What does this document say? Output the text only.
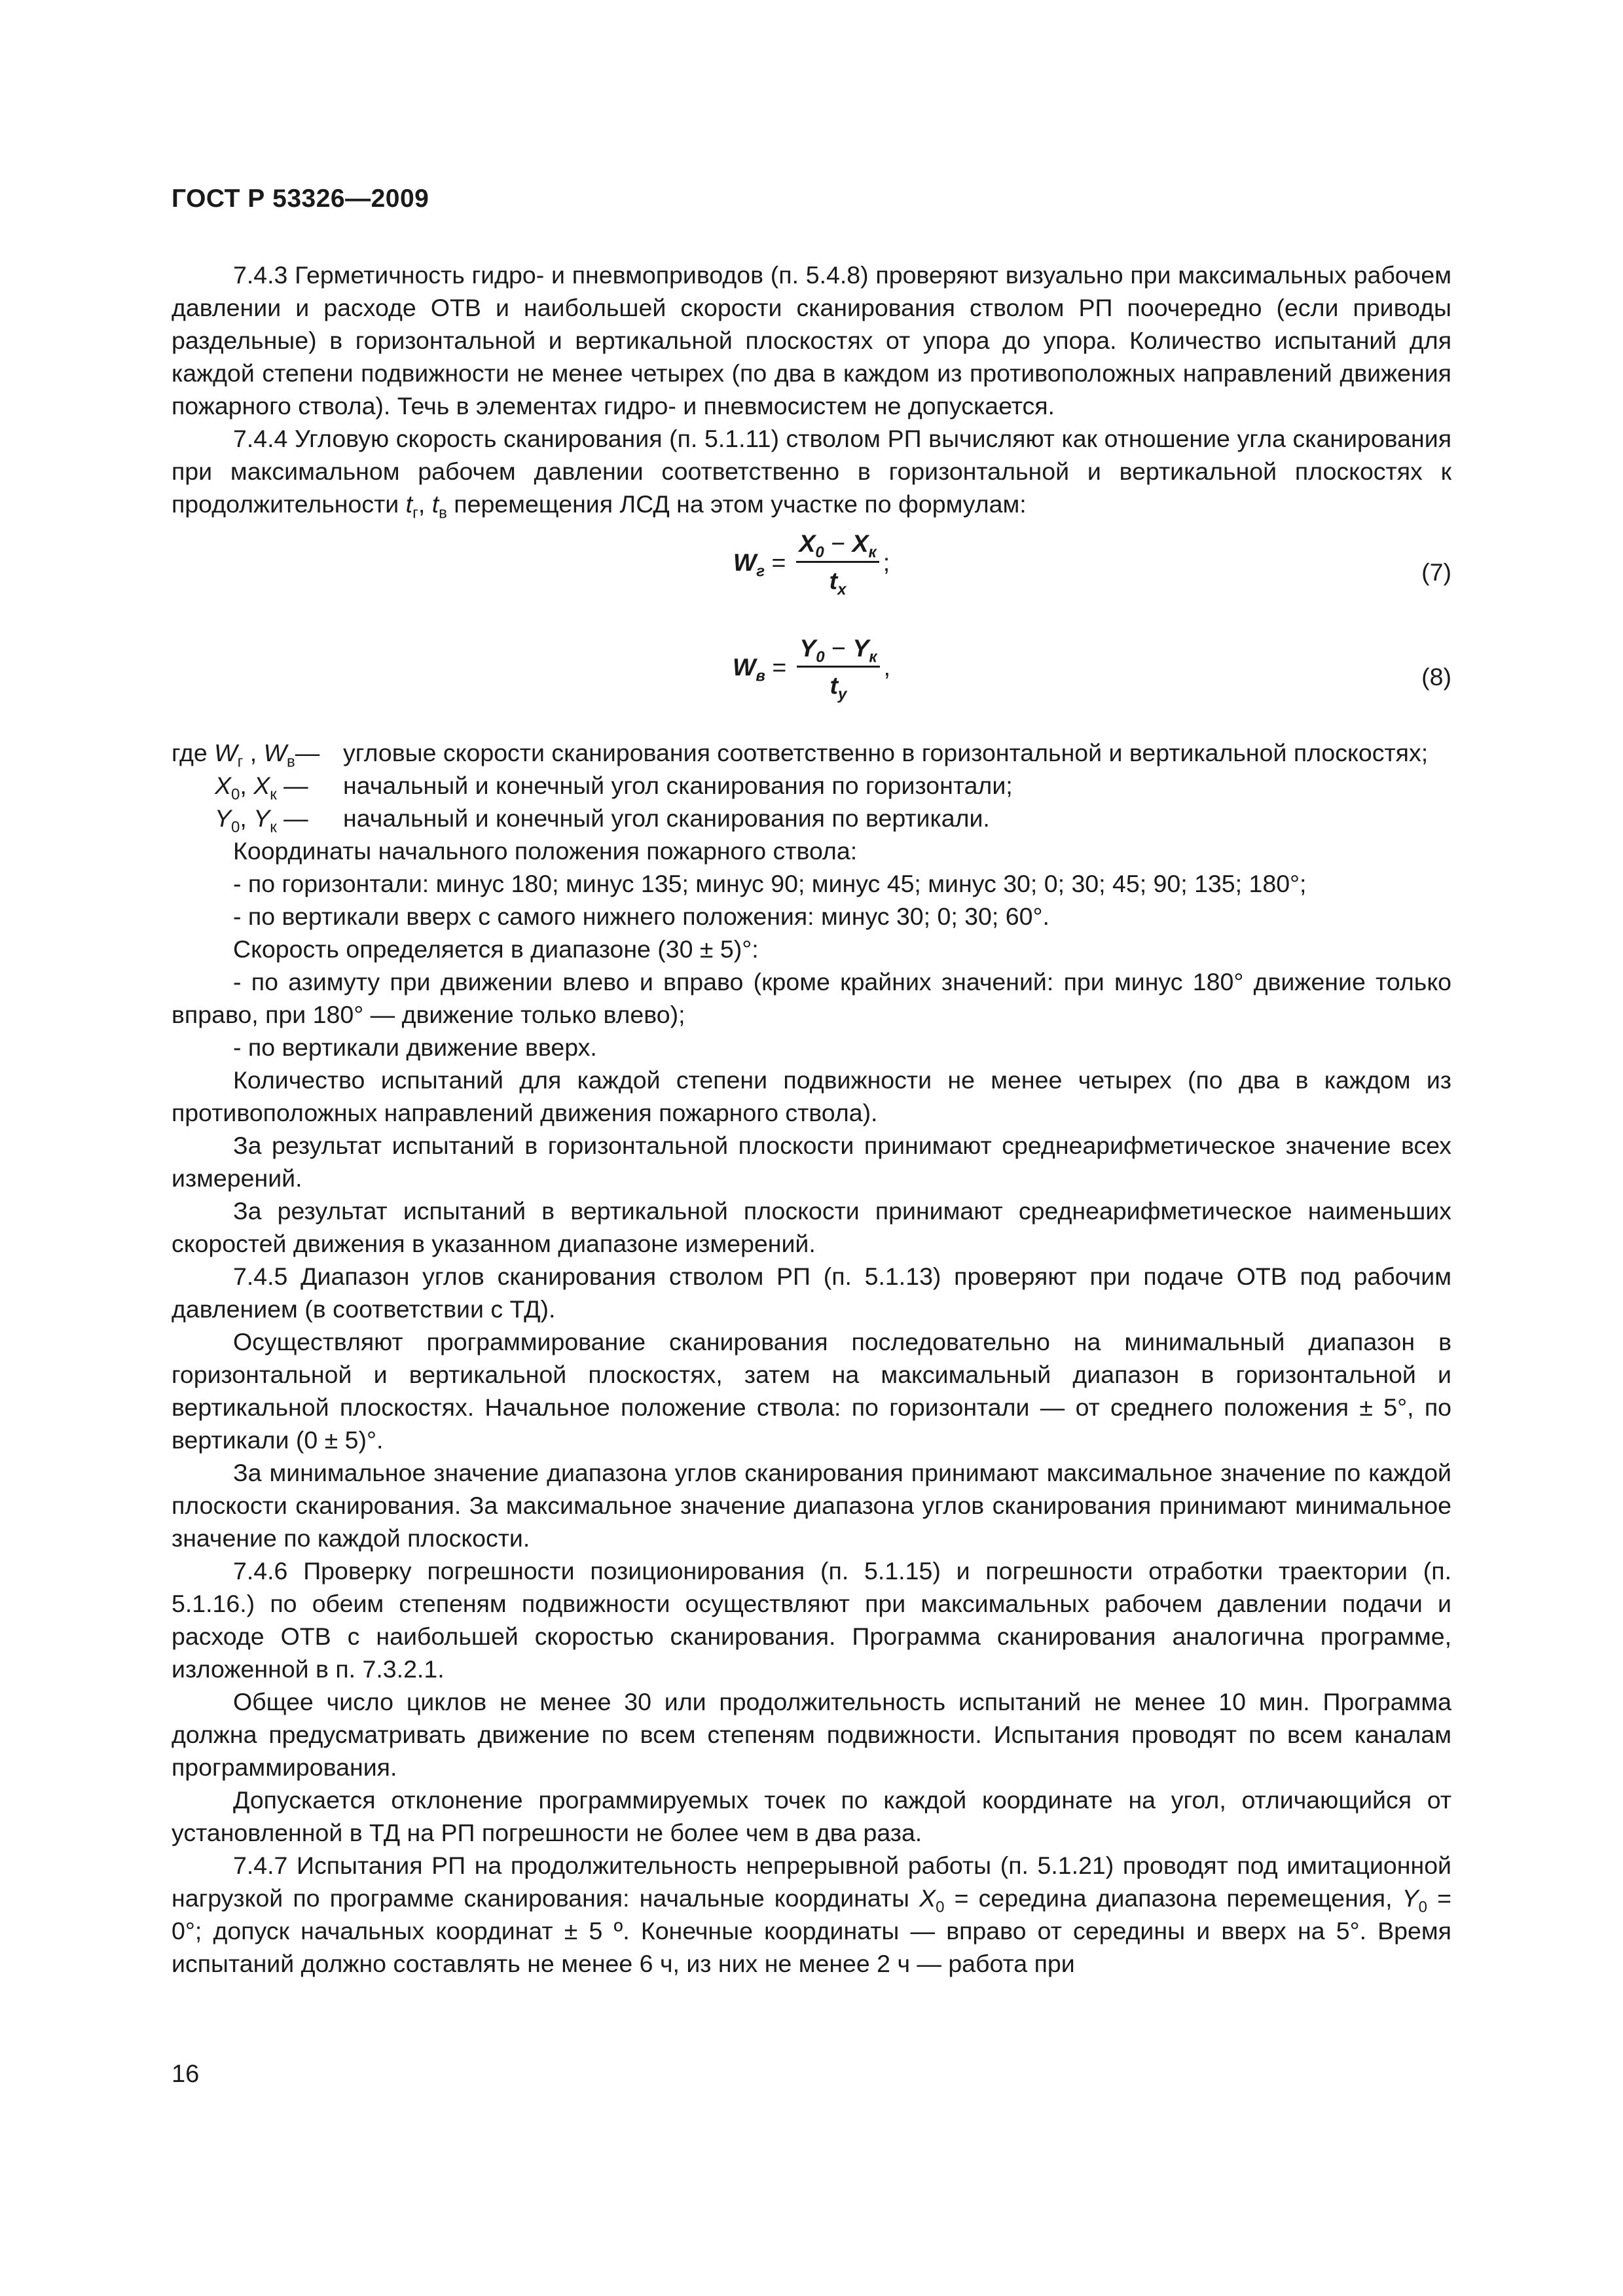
ГОСТ Р 53326—2009

7.4.3 Герметичность гидро- и пневмоприводов (п. 5.4.8) проверяют визуально при максимальных рабочем давлении и расходе ОТВ и наибольшей скорости сканирования стволом РП поочередно (если приводы раздельные) в горизонтальной и вертикальной плоскостях от упора до упора. Количество испытаний для каждой степени подвижности не менее четырех (по два в каждом из противоположных направлений движения пожарного ствола). Течь в элементах гидро- и пневмосистем не допускается.

7.4.4 Угловую скорость сканирования (п. 5.1.11) стволом РП вычисляют как отношение угла сканирования при максимальном рабочем давлении соответственно в горизонтальной и вертикальной плоскостях к продолжительности $t_г$, $t_в$ перемещения ЛСД на этом участке по формулам:

$W_г = \frac{X_0 - X_к}{t_x}$ ;	(7)
$W_в = \frac{Y_0 - Y_к}{t_y}$ ,	(8)
где $W_г$ , $W_в—$ угловые скорости сканирования соответственно в горизонтальной и вертикальной плоскостях;
$X_0$, $X_к$ —	начальный и конечный угол сканирования по горизонтали;
$Y_0$, $Y_к$ —	начальный и конечный угол сканирования по вертикали.

Координаты начального положения пожарного ствола:

- по горизонтали: минус 180; минус 135; минус 90; минус 45; минус 30; 0; 30; 45; 90; 135; 180°;

- по вертикали вверх с самого нижнего положения: минус 30; 0; 30; 60°.

Скорость определяется в диапазоне (30 ± 5)°:

- по азимуту при движении влево и вправо (кроме крайних значений: при минус 180° движение только вправо, при 180° — движение только влево);

- по вертикали движение вверх.

Количество испытаний для каждой степени подвижности не менее четырех (по два в каждом из противоположных направлений движения пожарного ствола).

За результат испытаний в горизонтальной плоскости принимают среднеарифметическое значение всех измерений.

За результат испытаний в вертикальной плоскости принимают среднеарифметическое наименьших скоростей движения в указанном диапазоне измерений.

7.4.5 Диапазон углов сканирования стволом РП (п. 5.1.13) проверяют при подаче ОТВ под рабочим давлением (в соответствии с ТД).

Осуществляют программирование сканирования последовательно на минимальный диапазон в горизонтальной и вертикальной плоскостях, затем на максимальный диапазон в горизонтальной и вертикальной плоскостях. Начальное положение ствола: по горизонтали — от среднего положения ± 5°, по вертикали (0 ± 5)°.

За минимальное значение диапазона углов сканирования принимают максимальное значение по каждой плоскости сканирования. За максимальное значение диапазона углов сканирования принимают минимальное значение по каждой плоскости.

7.4.6 Проверку погрешности позиционирования (п. 5.1.15) и погрешности отработки траектории (п. 5.1.16.) по обеим степеням подвижности осуществляют при максимальных рабочем давлении подачи и расходе ОТВ с наибольшей скоростью сканирования. Программа сканирования аналогична программе, изложенной в п. 7.3.2.1.

Общее число циклов не менее 30 или продолжительность испытаний не менее 10 мин. Программа должна предусматривать движение по всем степеням подвижности. Испытания проводят по всем каналам программирования.

Допускается отклонение программируемых точек по каждой координате на угол, отличающийся от установленной в ТД на РП погрешности не более чем в два раза.

7.4.7 Испытания РП на продолжительность непрерывной работы (п. 5.1.21) проводят под имитационной нагрузкой по программе сканирования: начальные координаты $X_0$ = середина диапазона перемещения, $Y_0 = 0^\circ$; допуск начальных координат ± 5 º. Конечные координаты — вправо от середины и вверх на 5°. Время испытаний должно составлять не менее 6 ч, из них не менее 2 ч — работа при

16
